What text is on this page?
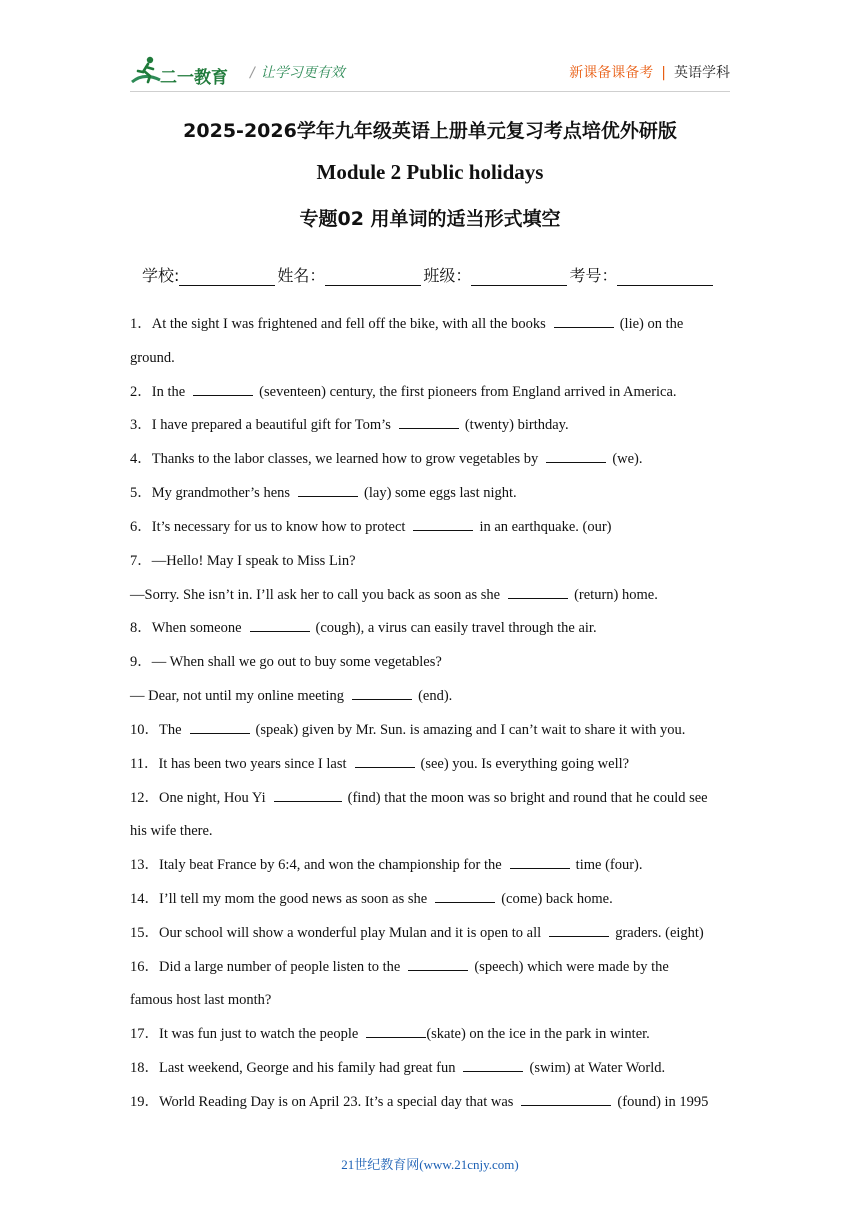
二一教育 / 让学习更有效	新课备课备考 | 英语学科
2025-2026学年九年级英语上册单元复习考点培优外研版
Module 2 Public holidays
专题02 用单词的适当形式填空
学校:	姓名：	班级：	考号：
1．At the sight I was frightened and fell off the bike, with all the books	(lie) on the
ground.
2．In the	(seventeen) century, the first pioneers from England arrived in America.
3．I have prepared a beautiful gift for Tom’s	(twenty) birthday.
4．Thanks to the labor classes, we learned how to grow vegetables by	(we).
5．My grandmother’s hens	(lay) some eggs last night.
6．It’s necessary for us to know how to protect	in an earthquake. (our)
7．—Hello! May I speak to Miss Lin?
—Sorry. She isn’t in. I’ll ask her to call you back as soon as she	(return) home.
8．When someone	(cough), a virus can easily travel through the air.
9．— When shall we go out to buy some vegetables?
— Dear, not until my online meeting	(end).
10．The	(speak) given by Mr. Sun. is amazing and I can’t wait to share it with you.
11．It has been two years since I last	(see) you. Is everything going well?
12．One night, Hou Yi	(find) that the moon was so bright and round that he could see
his wife there.
13．Italy beat France by 6:4, and won the championship for the	time (four).
14．I’ll tell my mom the good news as soon as she	(come) back home.
15．Our school will show a wonderful play Mulan and it is open to all	graders. (eight)
16．Did a large number of people listen to the	(speech) which were made by the
famous host last month?
17．It was fun just to watch the people	(skate) on the ice in the park in winter.
18．Last weekend, George and his family had great fun	(swim) at Water World.
19．World Reading Day is on April 23. It’s a special day that was	(found) in 1995
21世纪教育网(www.21cnjy.com)
